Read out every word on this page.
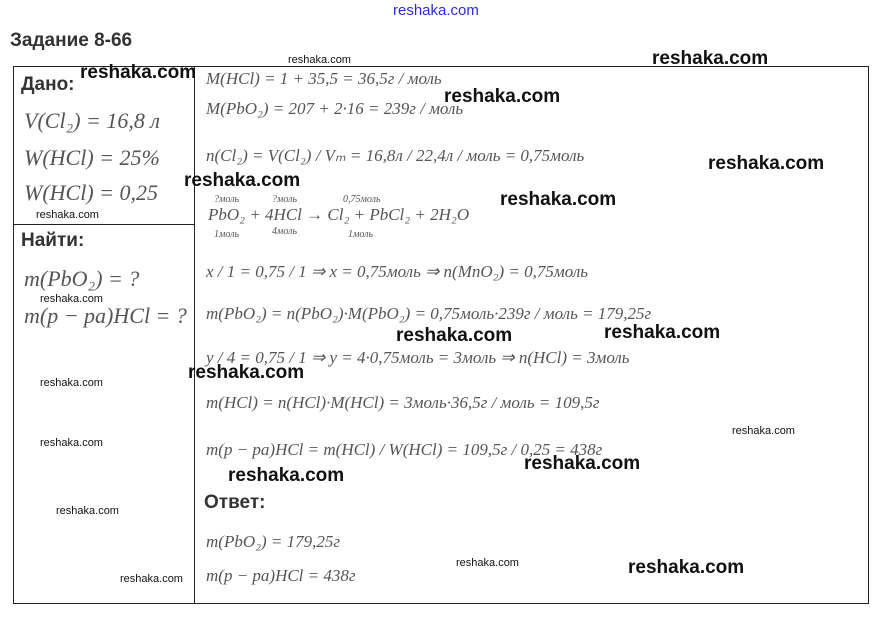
reshaka.com
Задание 8-66
Дано:
V(Cl₂) = 16,8 л
W(HCl) = 25%
W(HCl) = 0,25
Найти:
m(PbO₂) = ?
m(р − ра)HCl = ?
M(HCl) = 1 + 35,5 = 36,5г / моль
M(PbO₂) = 207 + 2·16 = 239г / моль
n(Cl₂) = V(Cl₂) / Vₘ = 16,8л / 22,4л / моль = 0,75моль
?моль	?моль	0,75моль
PbO₂ + 4HCl → Cl₂ + PbCl₂ + 2H₂O
1моль	4моль	1моль
x / 1 = 0,75 / 1 ⇒ x = 0,75моль ⇒ n(MnO₂) = 0,75моль
m(PbO₂) = n(PbO₂)·M(PbO₂) = 0,75моль·239г / моль = 179,25г
y / 4 = 0,75 / 1 ⇒ y = 4·0,75моль = 3моль ⇒ n(HCl) = 3моль
m(HCl) = n(HCl)·M(HCl) = 3моль·36,5г / моль = 109,5г
m(р − ра)HCl = m(HCl) / W(HCl) = 109,5г / 0,25 = 438г
Ответ:
m(PbO₂) = 179,25г
m(р − ра)HCl = 438г
reshaka.com	reshaka.com
reshaka.com
reshaka.com
reshaka.com
reshaka.com
reshaka.com
reshaka.com
reshaka.com
reshaka.com
reshaka.com
reshaka.com
reshaka.com
reshaka.com
reshaka.com
reshaka.com
reshaka.com
reshaka.com
reshaka.com	reshaka.com
reshaka.com
